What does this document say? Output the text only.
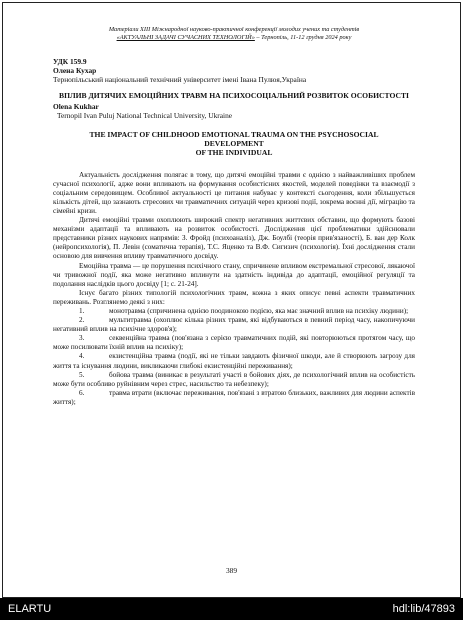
Матеріали XIII Міжнародної науково-практичної конференції молодих учених та студентів
«АКТУАЛЬНІ ЗАДАЧІ СУЧАСНИХ ТЕХНОЛОГІЙ» – Тернопіль, 11-12 грудня 2024 року
УДК 159.9
Олена Кухар
Тернопільський національний технічний університет імені Івана Пулюя,Україна
ВПЛИВ ДИТЯЧИХ ЕМОЦІЙНИХ ТРАВМ НА ПСИХОСОЦІАЛЬНИЙ РОЗВИТОК ОСОБИСТОСТІ
Olena Kukhar
Ternopil Ivan Puluj National Technical University, Ukraine
THE IMPACT OF CHILDHOOD EMOTIONAL TRAUMA ON THE PSYCHOSOCIAL
DEVELOPMENT
OF THE INDIVIDUAL

Актуальність дослідження полягає в тому, що дитячі емоційні травми є однією з найважливіших проблем сучасної психології, адже вони впливають на формування особистісних якостей, моделей поведінки та взаємодії з соціальним середовищем. Особливої актуальності це питання набуває у контексті сьогодення, коли збільшується кількість дітей, що зазнають стресових чи травматичних ситуацій через кризові події, зокрема воєнні дії, міграцію та сімейні кризи.

Дитячі емоційні травми охоплюють широкий спектр негативних життєвих обставин, що формують базові механізми адаптації та впливають на розвиток особистості. Дослідження цієї проблематики здійснювали представники різних наукових напрямів: З. Фройд (психоаналіз), Дж. Боулбі (теорія прив'язаності), Б. ван дер Колк (нейропсихологія), П. Левін (соматична терапія), Т.С. Яценко та В.Ф. Сигизич (психологія). Їхні дослідження стали основою для вивчення впливу травматичного досвіду.

Емоційна травма — це порушення психічного стану, спричинене впливом екстремальної стресової, лякаючої чи тривожної події, яка може негативно вплинути на здатність індивіда до адаптації, емоційної регуляції та подолання наслідків цього досвіду [1; с. 21-24].

Існує багато різних типологій психологічних травм, кожна з яких описує певні аспекти травматичних переживань. Розглянемо деякі з них:

1.	монотравма (спричинена однією поодинокою подією, яка має значний вплив на психіку людини);

2.	мультитравма (охоплює кілька різних травм, які відбуваються в певний період часу, накопичуючи негативний вплив на психічне здоров'я);

3.	секвенційна травма (пов'язана з серією травматичних подій, які повторюються протягом часу, що може посилювати їхній вплив на психіку);

4.	екзистенційна травма (події, які не тільки завдають фізичної шкоди, але й створюють загрозу для життя та існування людини, викликаючи глибокі екзистенційні переживання);

5.	бойова травма (виникає в результаті участі в бойових діях, де психологічний вплив на особистість може бути особливо руйнівним через стрес, насильство та небезпеку);

6.	травма втрати (включає переживання, пов'язані з втратою близьких, важливих для людини аспектів життя);

389
ELARTU	hdl:lib/47893
